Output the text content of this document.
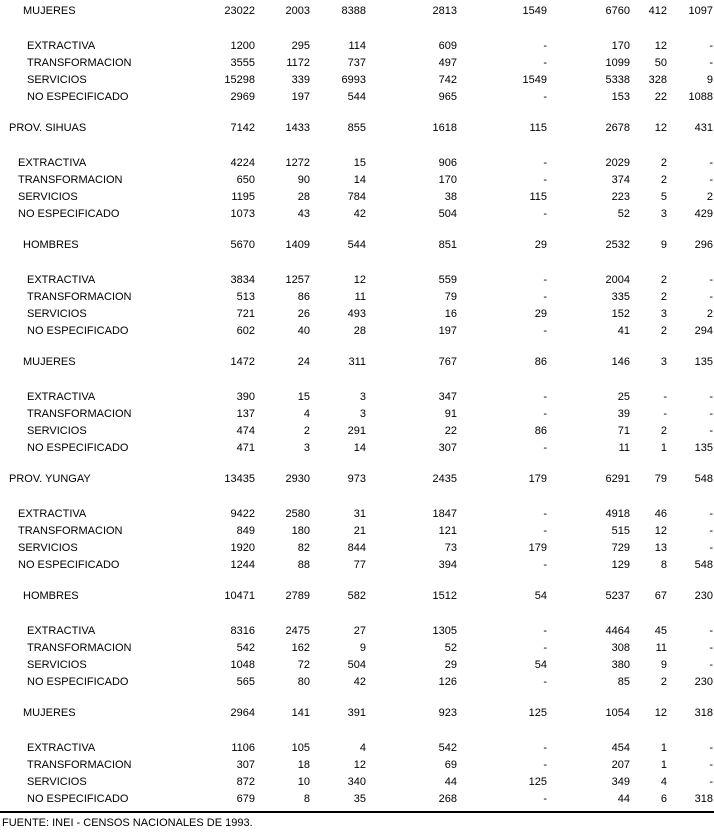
MUJERES	23022	2003	8388	2813	1549	6760	412	1097
EXTRACTIVA	1200	295	114	609	-	170	12	-
TRANSFORMACION	3555	1172	737	497	-	1099	50	-
SERVICIOS	15298	339	6993	742	1549	5338	328	9
NO ESPECIFICADO	2969	197	544	965	-	153	22	1088
PROV. SIHUAS	7142	1433	855	1618	115	2678	12	431
EXTRACTIVA	4224	1272	15	906	-	2029	2	-
TRANSFORMACION	650	90	14	170	-	374	2	-
SERVICIOS	1195	28	784	38	115	223	5	2
NO ESPECIFICADO	1073	43	42	504	-	52	3	429
HOMBRES	5670	1409	544	851	29	2532	9	296
EXTRACTIVA	3834	1257	12	559	-	2004	2	-
TRANSFORMACION	513	86	11	79	-	335	2	-
SERVICIOS	721	26	493	16	29	152	3	2
NO ESPECIFICADO	602	40	28	197	-	41	2	294
MUJERES	1472	24	311	767	86	146	3	135
EXTRACTIVA	390	15	3	347	-	25	-	-
TRANSFORMACION	137	4	3	91	-	39	-	-
SERVICIOS	474	2	291	22	86	71	2	-
NO ESPECIFICADO	471	3	14	307	-	11	1	135
PROV. YUNGAY	13435	2930	973	2435	179	6291	79	548
EXTRACTIVA	9422	2580	31	1847	-	4918	46	-
TRANSFORMACION	849	180	21	121	-	515	12	-
SERVICIOS	1920	82	844	73	179	729	13	-
NO ESPECIFICADO	1244	88	77	394	-	129	8	548
HOMBRES	10471	2789	582	1512	54	5237	67	230
EXTRACTIVA	8316	2475	27	1305	-	4464	45	-
TRANSFORMACION	542	162	9	52	-	308	11	-
SERVICIOS	1048	72	504	29	54	380	9	-
NO ESPECIFICADO	565	80	42	126	-	85	2	230
MUJERES	2964	141	391	923	125	1054	12	318
EXTRACTIVA	1106	105	4	542	-	454	1	-
TRANSFORMACION	307	18	12	69	-	207	1	-
SERVICIOS	872	10	340	44	125	349	4	-
NO ESPECIFICADO	679	8	35	268	-	44	6	318
FUENTE: INEI - CENSOS NACIONALES DE 1993.
